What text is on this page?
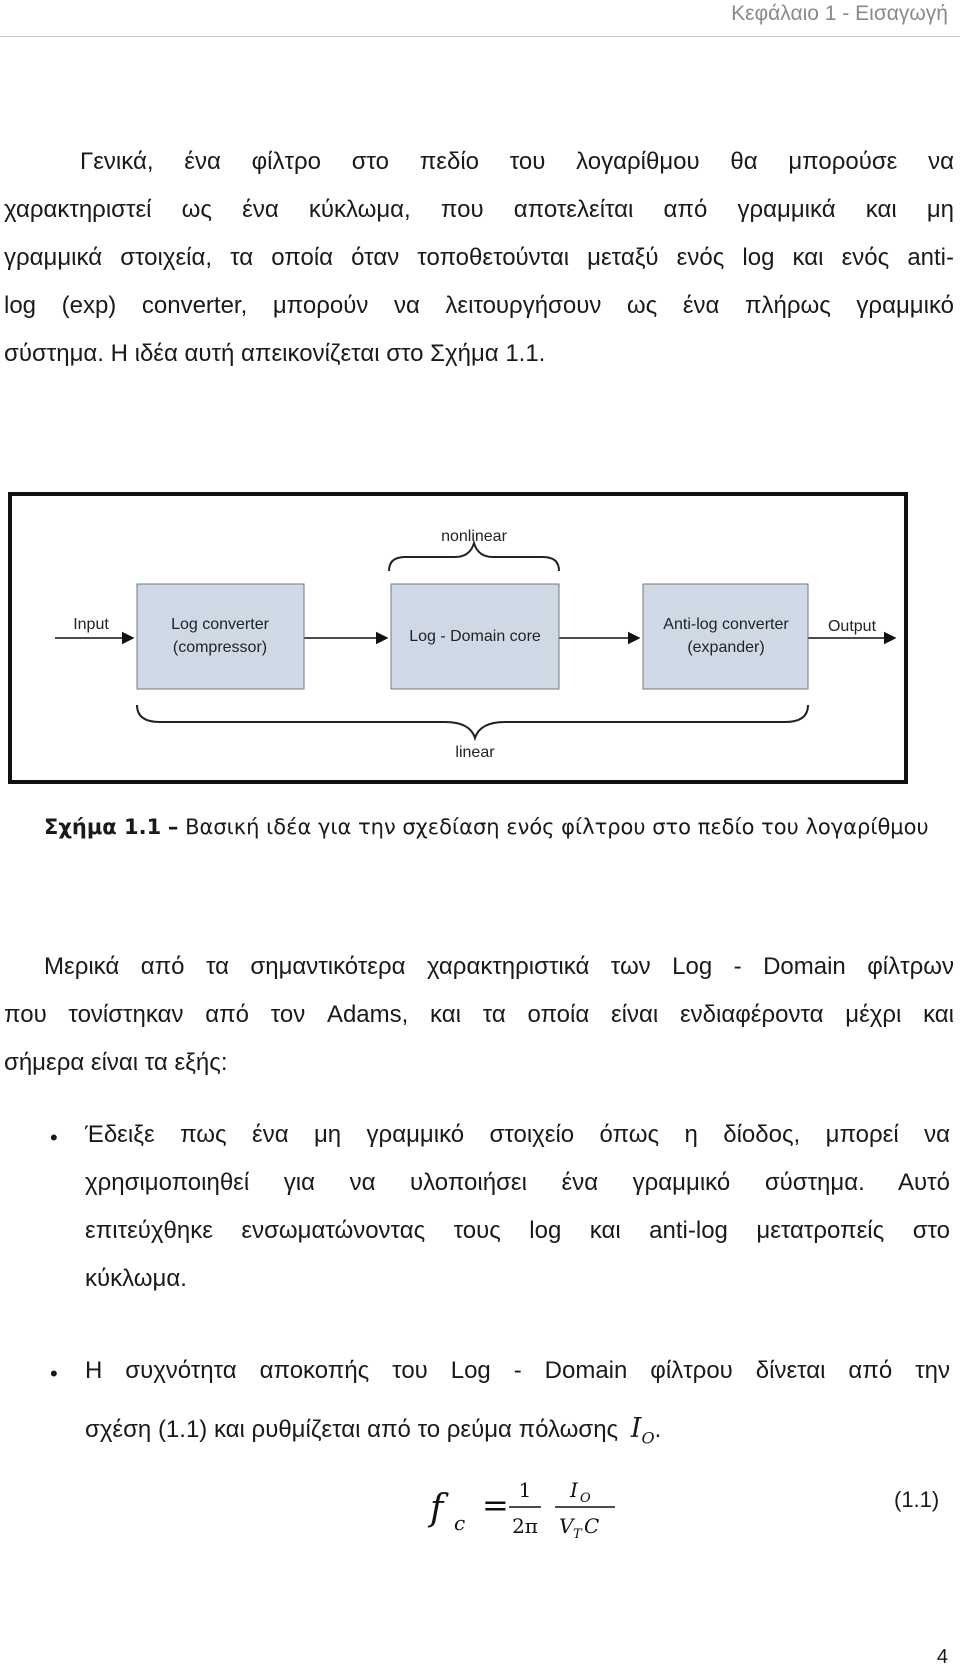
Κεφάλαιο 1 - Εισαγωγή
Γενικά, ένα φίλτρο στο πεδίο του λογαρίθμου θα μπορούσε να
χαρακτηριστεί ως ένα κύκλωμα, που αποτελείται από γραμμικά και μη
γραμμικά στοιχεία, τα οποία όταν τοποθετούνται μεταξύ ενός log και ενός anti-
log (exp) converter, μπορούν να λειτουργήσουν ως ένα πλήρως γραμμικό
σύστημα. Η ιδέα αυτή απεικονίζεται στο Σχήμα 1.1.
nonlinear
Input	Output
Log converter
(compressor)
Log - Domain core
Anti-log converter
(expander)
linear
Σχήμα 1.1 – Βασική ιδέα για την σχεδίαση ενός φίλτρου στο πεδίο του λογαρίθμου
Μερικά από τα σημαντικότερα χαρακτηριστικά των Log - Domain φίλτρων
που τονίστηκαν από τον Adams, και τα οποία είναι ενδιαφέροντα μέχρι και
σήμερα είναι τα εξής:
• Έδειξε πως ένα μη γραμμικό στοιχείο όπως η δίοδος, μπορεί να
χρησιμοποιηθεί για να υλοποιήσει ένα γραμμικό σύστημα. Αυτό
επιτεύχθηκε ενσωματώνοντας τους log και anti-log μετατροπείς στο
κύκλωμα.
• Η συχνότητα αποκοπής του Log - Domain φίλτρου δίνεται από την
σχέση (1.1) και ρυθμίζεται από το ρεύμα πόλωσης $I_O$.
f c = 1
2π
I O
V T C
(1.1)
4
